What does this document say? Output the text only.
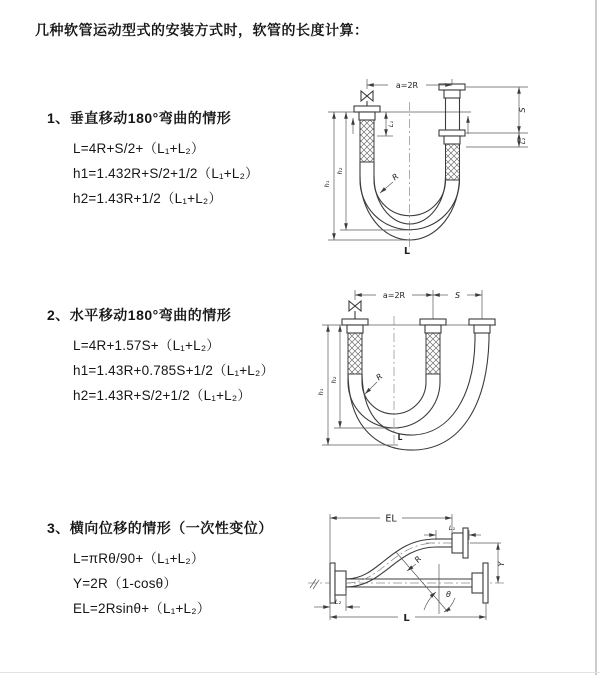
几种软管运动型式的安装方式时，软管的长度计算：
1、垂直移动180°弯曲的情形
L=4R+S/2+（L₁+L₂）
h1=1.432R+S/2+1/2（L₁+L₂）
h2=1.43R+1/2（L₁+L₂）
2、水平移动180°弯曲的情形
L=4R+1.57S+（L₁+L₂）
h1=1.43R+0.785S+1/2（L₁+L₂）
h2=1.43R+S/2+1/2（L₁+L₂）
3、横向位移的情形（一次性变位）
L=πRθ/90+（L₁+L₂）
Y=2R（1-cosθ）
EL=2Rsinθ+（L₁+L₂）
a=2R
S
L₂
L₁
h₂
h₁
R
L
a=2R	S
h₂
h₁
R
L
θ
R
EL
L₁
Y
L₂
L
